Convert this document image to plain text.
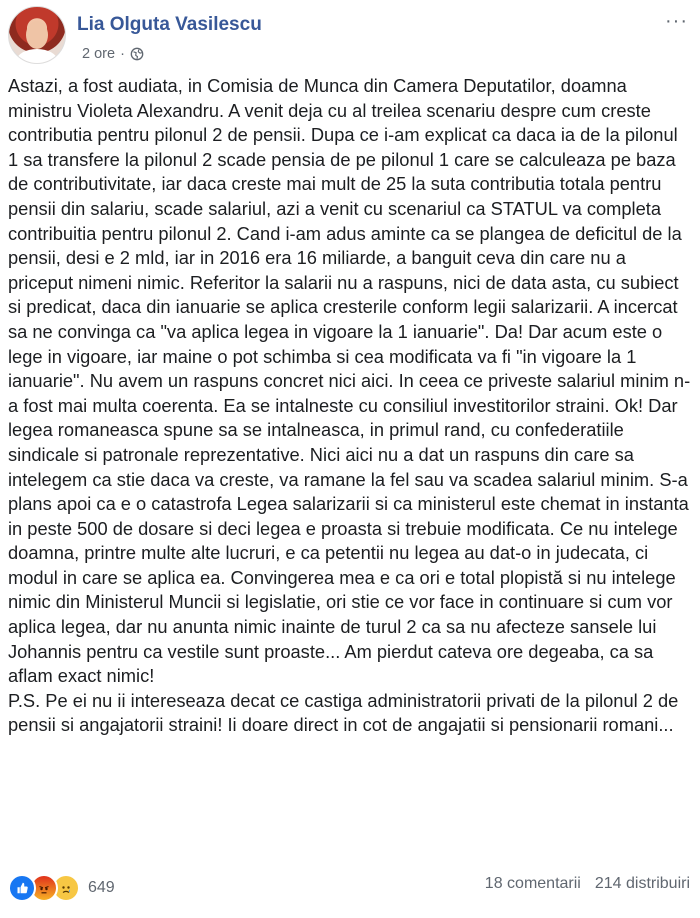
Lia Olguta Vasilescu
2 ore ·
···

Astazi, a fost audiata, in Comisia de Munca din Camera Deputatilor, doamna ministru Violeta Alexandru. A venit deja cu al treilea scenariu despre cum creste contributia pentru pilonul 2 de pensii. Dupa ce i-am explicat ca daca ia de la pilonul 1 sa transfere la pilonul 2 scade pensia de pe pilonul 1 care se calculeaza pe baza de contributivitate, iar daca creste mai mult de 25 la suta contributia totala pentru pensii din salariu, scade salariul, azi a venit cu scenariul ca STATUL va completa contribuitia pentru pilonul 2. Cand i-am adus aminte ca se plangea de deficitul de la pensii, desi e 2 mld, iar in 2016 era 16 miliarde, a banguit ceva din care nu a priceput nimeni nimic. Referitor la salarii nu a raspuns, nici de data asta, cu subiect si predicat, daca din ianuarie se aplica cresterile conform legii salarizarii. A incercat sa ne convinga ca "va aplica legea in vigoare la 1 ianuarie". Da! Dar acum este o lege in vigoare, iar maine o pot schimba si cea modificata va fi "in vigoare la 1 ianuarie". Nu avem un raspuns concret nici aici. In ceea ce priveste salariul minim n-a fost mai multa coerenta. Ea se intalneste cu consiliul investitorilor straini. Ok! Dar legea romaneasca spune sa se intalneasca, in primul rand, cu confederatiile sindicale si patronale reprezentative. Nici aici nu a dat un raspuns din care sa intelegem ca stie daca va creste, va ramane la fel sau va scadea salariul minim. S-a plans apoi ca e o catastrofa Legea salarizarii si ca ministerul este chemat in instanta in peste 500 de dosare si deci legea e proasta si trebuie modificata. Ce nu intelege doamna, printre multe alte lucruri, e ca petentii nu legea au dat-o in judecata, ci modul in care se aplica ea. Convingerea mea e ca ori e total plopistă si nu intelege nimic din Ministerul Muncii si legislatie, ori stie ce vor face in continuare si cum vor aplica legea, dar nu anunta nimic inainte de turul 2 ca sa nu afecteze sansele lui Johannis pentru ca vestile sunt proaste... Am pierdut cateva ore degeaba, ca sa aflam exact nimic!

P.S. Pe ei nu ii intereseaza decat ce castiga administratorii privati de la pilonul 2 de pensii si angajatorii straini! Ii doare direct in cot de angajatii si pensionarii romani...

649	18 comentarii 214 distribuiri
